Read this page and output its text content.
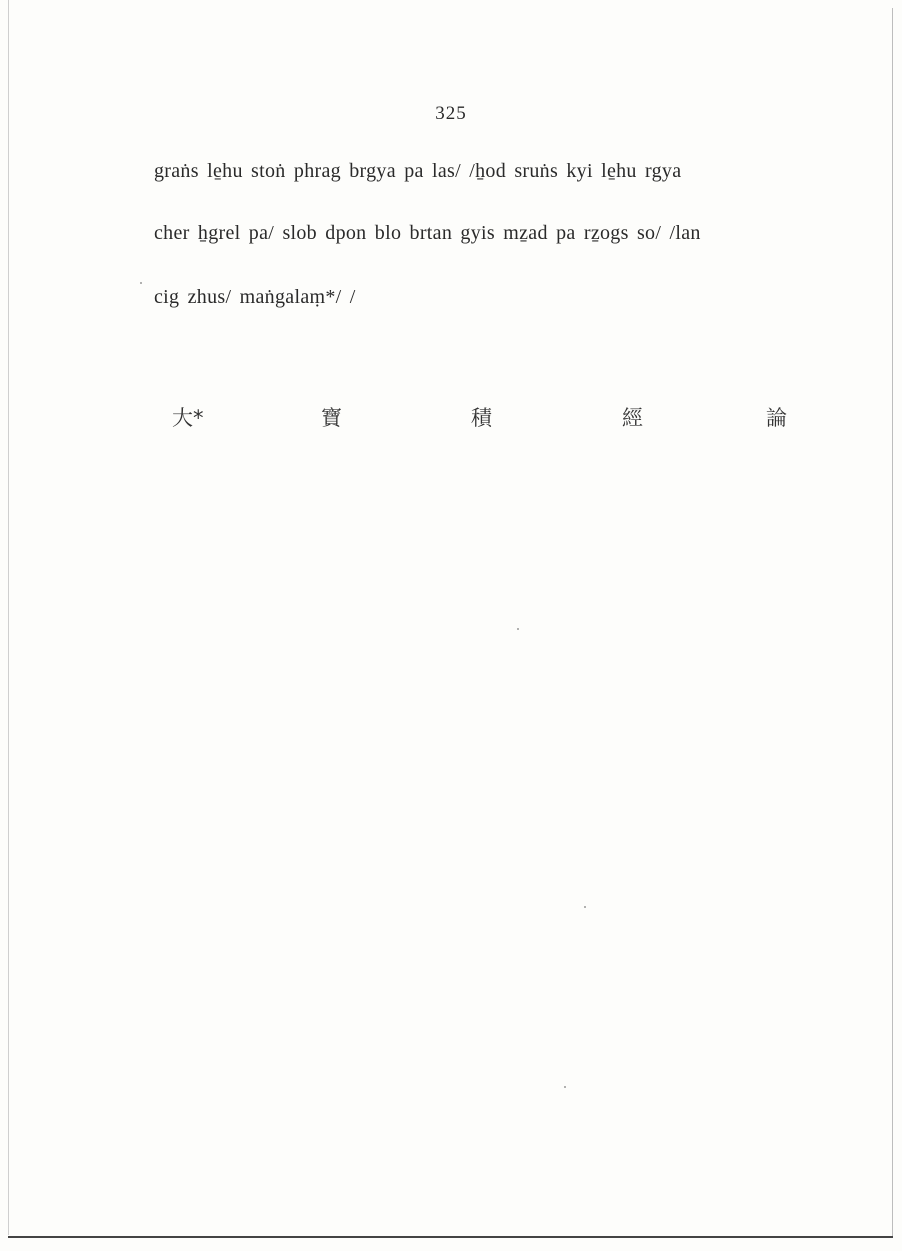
325
graṅs le̱hu stoṅ phrag brgya pa las/ /ẖod sruṅs kyi le̱hu rgya
cher ẖgrel pa/ slob dpon blo brtan gyis mẕad pa rẕogs so/ /lan
cig zhus/ maṅgalaṃ*/ /
大*	寶	積	經	論
